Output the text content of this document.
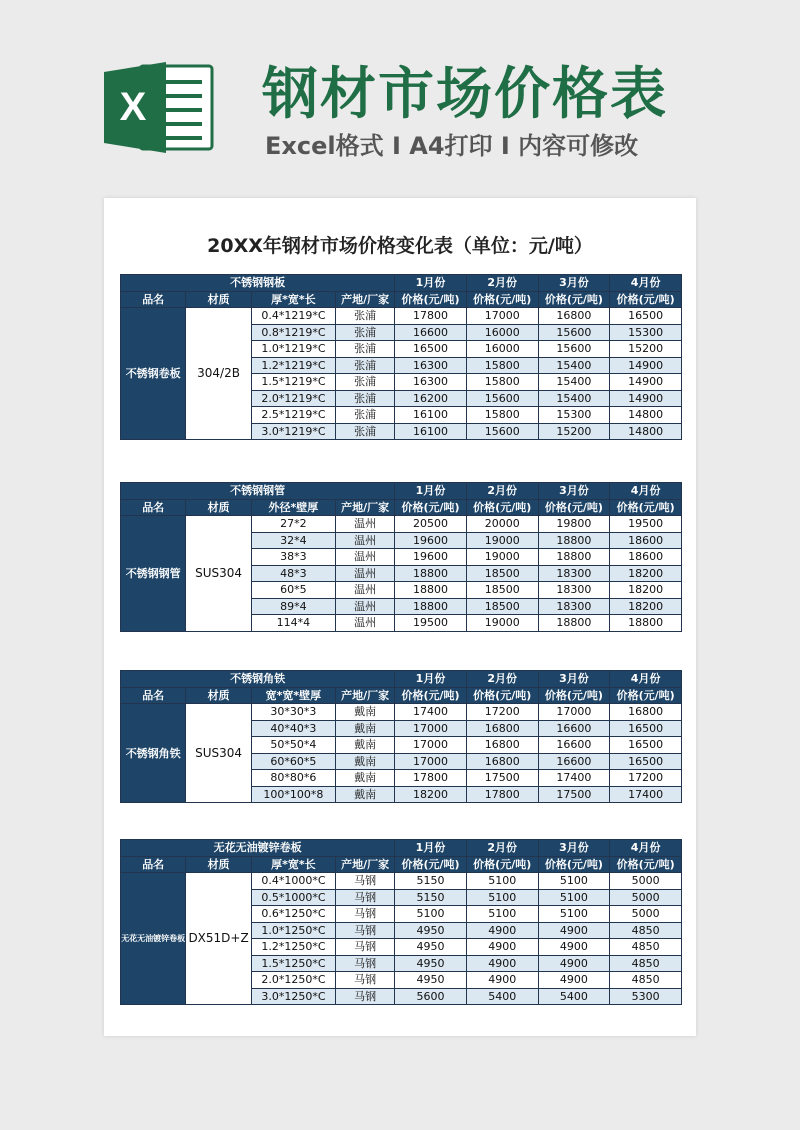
X 钢材市场价格表
Excel格式 I A4打印 I 内容可修改
20XX年钢材市场价格变化表（单位：元/吨）
不锈钢钢板				1月份	2月份	3月份	4月份
品名	材质	厚*宽*长	产地/厂家	价格(元/吨)	价格(元/吨)	价格(元/吨)	价格(元/吨)
不锈钢卷板	304/2B	0.4*1219*C	张浦	17800	17000	16800	16500
		0.8*1219*C	张浦	16600	16000	15600	15300
		1.0*1219*C	张浦	16500	16000	15600	15200
		1.2*1219*C	张浦	16300	15800	15400	14900
		1.5*1219*C	张浦	16300	15800	15400	14900
		2.0*1219*C	张浦	16200	15600	15400	14900
		2.5*1219*C	张浦	16100	15800	15300	14800
		3.0*1219*C	张浦	16100	15600	15200	14800
不锈钢钢管				1月份	2月份	3月份	4月份
品名	材质	外径*壁厚	产地/厂家	价格(元/吨)	价格(元/吨)	价格(元/吨)	价格(元/吨)
不锈钢钢管	SUS304	27*2	温州	20500	20000	19800	19500
		32*4	温州	19600	19000	18800	18600
		38*3	温州	19600	19000	18800	18600
		48*3	温州	18800	18500	18300	18200
		60*5	温州	18800	18500	18300	18200
		89*4	温州	18800	18500	18300	18200
		114*4	温州	19500	19000	18800	18800
不锈钢角铁				1月份	2月份	3月份	4月份
品名	材质	宽*宽*壁厚	产地/厂家	价格(元/吨)	价格(元/吨)	价格(元/吨)	价格(元/吨)
不锈钢角铁	SUS304	30*30*3	戴南	17400	17200	17000	16800
		40*40*3	戴南	17000	16800	16600	16500
		50*50*4	戴南	17000	16800	16600	16500
		60*60*5	戴南	17000	16800	16600	16500
		80*80*6	戴南	17800	17500	17400	17200
		100*100*8	戴南	18200	17800	17500	17400
无花无油镀锌卷板				1月份	2月份	3月份	4月份
品名	材质	厚*宽*长	产地/厂家	价格(元/吨)	价格(元/吨)	价格(元/吨)	价格(元/吨)
无花无油镀锌卷板	DX51D+Z	0.4*1000*C	马钢	5150	5100	5100	5000
		0.5*1000*C	马钢	5150	5100	5100	5000
		0.6*1250*C	马钢	5100	5100	5100	5000
		1.0*1250*C	马钢	4950	4900	4900	4850
		1.2*1250*C	马钢	4950	4900	4900	4850
		1.5*1250*C	马钢	4950	4900	4900	4850
		2.0*1250*C	马钢	4950	4900	4900	4850
		3.0*1250*C	马钢	5600	5400	5400	5300
